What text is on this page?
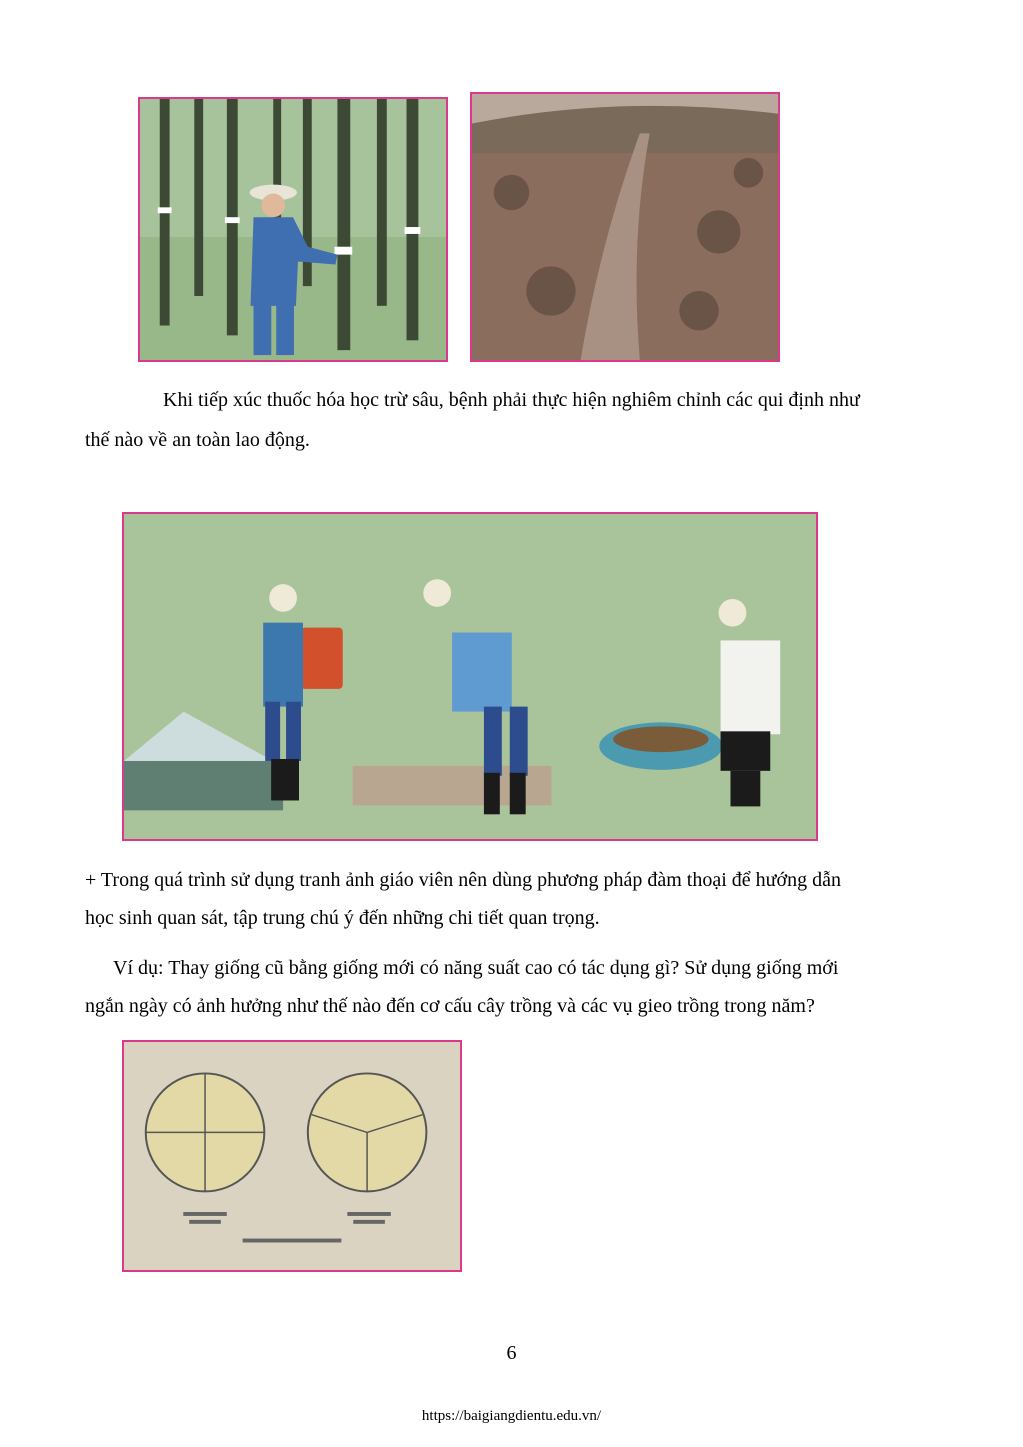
Khi tiếp xúc thuốc hóa học trừ sâu, bệnh phải thực hiện nghiêm chỉnh các qui định như

thế nào về an toàn lao động.

+ Trong quá trình sử dụng tranh ảnh giáo viên nên dùng phương pháp đàm thoại để hướng dẫn

học sinh quan sát, tập trung chú ý đến những chi tiết quan trọng.

Ví dụ: Thay giống cũ bằng giống mới có năng suất cao có tác dụng gì? Sử dụng giống mới

ngắn ngày có ảnh hưởng như thế nào đến cơ cấu cây trồng và các vụ gieo trồng trong năm?

6
https://baigiangdientu.edu.vn/
